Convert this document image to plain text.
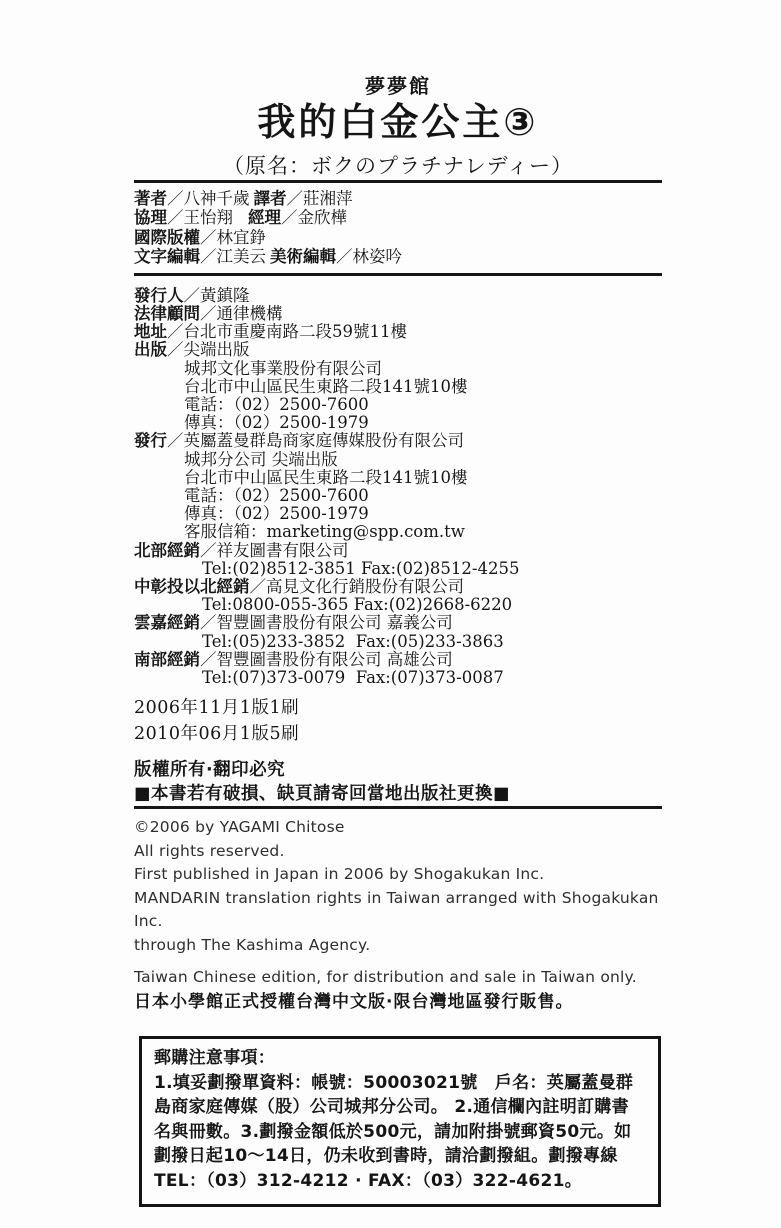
夢夢館
我的白金公主③
（原名：ボクのプラチナレディー）
著者／八神千歲 譯者／莊湘萍
協理／王怡翔 經理／金欣樺
國際版權／林宜錚
文字編輯／江美云 美術編輯／林姿吟
發行人／黃鎮隆
法律顧問／通律機構
地址／台北市重慶南路二段59號11樓
出版／尖端出版
城邦文化事業股份有限公司
台北市中山區民生東路二段141號10樓
電話：（02）2500-7600
傳真：（02）2500-1979
發行／英屬蓋曼群島商家庭傳媒股份有限公司
城邦分公司 尖端出版
台北市中山區民生東路二段141號10樓
電話：（02）2500-7600
傳真：（02）2500-1979
客服信箱：marketing@spp.com.tw
北部經銷／祥友圖書有限公司
Tel:(02)8512-3851 Fax:(02)8512-4255
中彰投以北經銷／高見文化行銷股份有限公司
Tel:0800-055-365 Fax:(02)2668-6220
雲嘉經銷／智豐圖書股份有限公司 嘉義公司
Tel:(05)233-3852  Fax:(05)233-3863
南部經銷／智豐圖書股份有限公司 高雄公司
Tel:(07)373-0079  Fax:(07)373-0087
2006年11月1版1刷
2010年06月1版5刷
版權所有·翻印必究
■本書若有破損、缺頁請寄回當地出版社更換■
©2006 by YAGAMI Chitose
All rights reserved.
First published in Japan in 2006 by Shogakukan Inc.
MANDARIN translation rights in Taiwan arranged with Shogakukan Inc.
through The Kashima Agency.
Taiwan Chinese edition, for distribution and sale in Taiwan only.
日本小學館正式授權台灣中文版·限台灣地區發行販售。
郵購注意事項：
1.填妥劃撥單資料：帳號：50003021號　戶名：英屬蓋曼群島商家庭傳媒（股）公司城邦分公司。 2.通信欄內註明訂購書名與冊數。3.劃撥金額低於500元，請加附掛號郵資50元。如劃撥日起10～14日，仍未收到書時，請洽劃撥組。劃撥專線TEL：（03）312-4212 · FAX：（03）322-4621。
